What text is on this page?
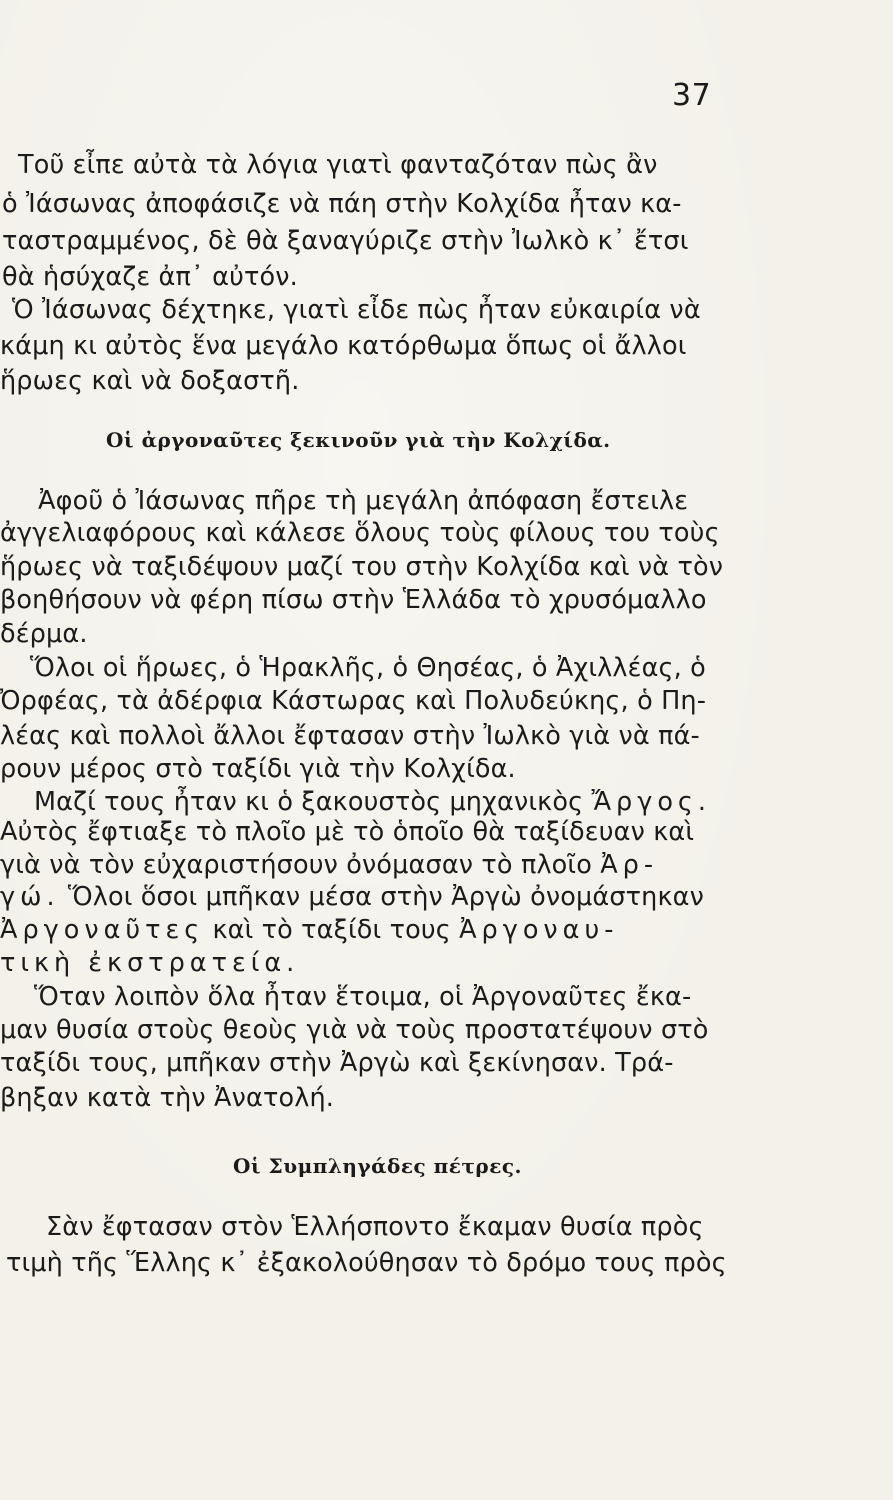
37
Τοῦ εἶπε αὐτὰ τὰ λόγια γιατὶ φανταζόταν πὼς ἂν
ὁ Ἰάσωνας ἀποφάσιζε νὰ πάη στὴν Κολχίδα ἦταν κα-
ταστραμμένος, δὲ θὰ ξαναγύριζε στὴν Ἰωλκὸ κ᾽ ἔτσι
θὰ ἡσύχαζε ἀπ᾽ αὐτόν.
Ὁ Ἰάσωνας δέχτηκε, γιατὶ εἶδε πὼς ἦταν εὐκαιρία νὰ
κάμη κι αὐτὸς ἕνα μεγάλο κατόρθωμα ὅπως οἱ ἄλλοι
ἥρωες καὶ νὰ δοξαστῆ.
Οἱ ἀργοναῦτες ξεκινοῦν γιὰ τὴν Κολχίδα.
Ἀφοῦ ὁ Ἰάσωνας πῆρε τὴ μεγάλη ἀπόφαση ἔστειλε
ἀγγελιαφόρους καὶ κάλεσε ὅλους τοὺς φίλους του τοὺς
ἥρωες νὰ ταξιδέψουν μαζί του στὴν Κολχίδα καὶ νὰ τὸν
βοηθήσουν νὰ φέρη πίσω στὴν Ἑλλάδα τὸ χρυσόμαλλο
δέρμα.
Ὅλοι οἱ ἥρωες, ὁ Ἡρακλῆς, ὁ Θησέας, ὁ Ἀχιλλέας, ὁ
Ὀρφέας, τὰ ἀδέρφια Κάστωρας καὶ Πολυδεύκης, ὁ Πη-
λέας καὶ πολλοὶ ἄλλοι ἔφτασαν στὴν Ἰωλκὸ γιὰ νὰ πά-
ρουν μέρος στὸ ταξίδι γιὰ τὴν Κολχίδα.
Μαζί τους ἦταν κι ὁ ξακουστὸς μηχανικὸς Ἄργος.
Αὐτὸς ἔφτιαξε τὸ πλοῖο μὲ τὸ ὁποῖο θὰ ταξίδευαν καὶ
γιὰ νὰ τὸν εὐχαριστήσουν ὀνόμασαν τὸ πλοῖο Ἀρ-
γώ. Ὅλοι ὅσοι μπῆκαν μέσα στὴν Ἀργὼ ὀνομάστηκαν
Ἀργοναῦτες καὶ τὸ ταξίδι τους Ἀργοναυ-
τικὴ ἐκστρατεία.
Ὅταν λοιπὸν ὅλα ἦταν ἕτοιμα, οἱ Ἀργοναῦτες ἔκα-
μαν θυσία στοὺς θεοὺς γιὰ νὰ τοὺς προστατέψουν στὸ
ταξίδι τους, μπῆκαν στὴν Ἀργὼ καὶ ξεκίνησαν. Τρά-
βηξαν κατὰ τὴν Ἀνατολή.
Οἱ Συμπληγάδες πέτρες.
Σὰν ἔφτασαν στὸν Ἑλλήσποντο ἔκαμαν θυσία πρὸς
τιμὴ τῆς Ἕλλης κ᾽ ἐξακολούθησαν τὸ δρόμο τους πρὸς
